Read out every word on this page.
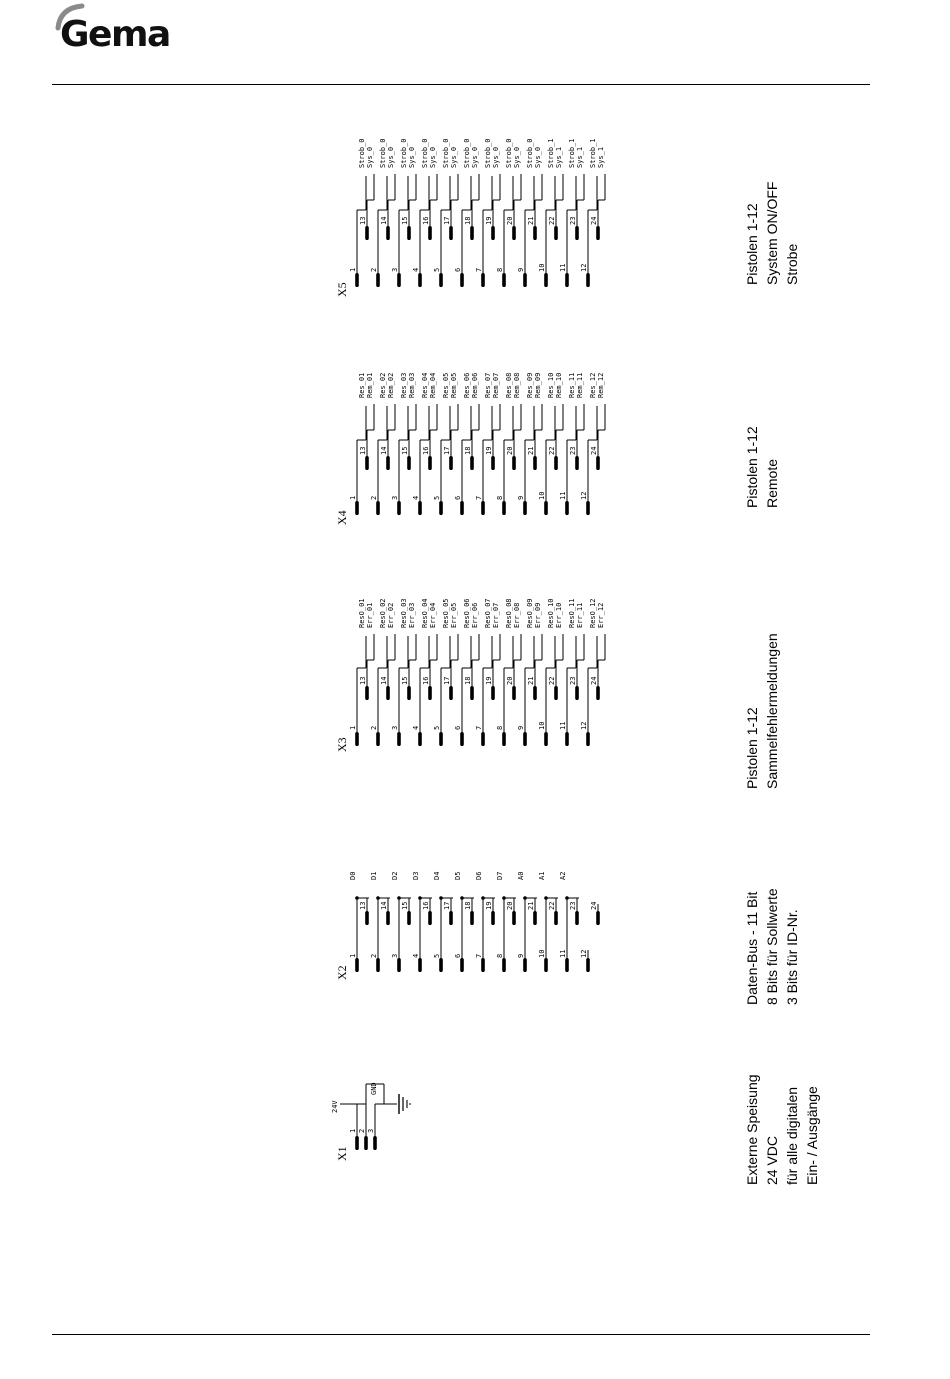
Gema
X1
1 2 3
24V
GND	Externe Speisung 24 VDC für alle digitalen Ein- / Ausgänge
X2
1
13
D0
2
14
D1
3
15
D2
4
16
D3
5
17
D4
6
18
D5
7
19
D6
8
20
D7
9
21
A0
10
22
A1
11
23
A2
12
24	Daten-Bus - 11 Bit 8 Bits für Sollwerte 3 Bits für ID-Nr.
X3
1
13
ResO_01 Err_01
2
14
ResO_02 Err_02
3
15
ResO_03 Err_03
4
16
ResO_04 Err_04
5
17
ResO_05 Err_05
6
18
ResO_06 Err_06
7
19
ResO_07 Err_07
8
20
ResO_08 Err_08
9
21
ResO_09 Err_09
10
22
ResO_10 Err_10
11
23
ResO_11 Err_11
12
24
ResO_12 Err_12
Pistolen 1-12 Sammelfehlermeldungen
X4
1
13
Res_01 Rem_01
2
14
Res_02 Rem_02
3
15
Res_03 Rem_03
4
16
Res_04 Rem_04
5
17
Res_05 Rem_05
6
18
Res_06 Rem_06
7
19
Res_07 Rem_07
8
20
Res_08 Rem_08
9
21
Res_09 Rem_09
10
22
Res_10 Rem_10
11
23
Res_11 Rem_11
12
24
Res_12 Rem_12
Pistolen 1-12 Remote
X5
1
13
Strob_0 Sys_0
2
14
Strob_0 Sys_0
3
15
Strob_0 Sys_0
4
16
Strob_0 Sys_0
5
17
Strob_0 Sys_0
6
18
Strob_0 Sys_0
7
19
Strob_0 Sys_0
8
20
Strob_0 Sys_0
9
21
Strob_0 Sys_0
10
22
Strob_1 Sys_1
11
23
Strob_1 Sys_1
12
24
Strob_1 Sys_1
Pistolen 1-12 System ON/OFF Strobe
